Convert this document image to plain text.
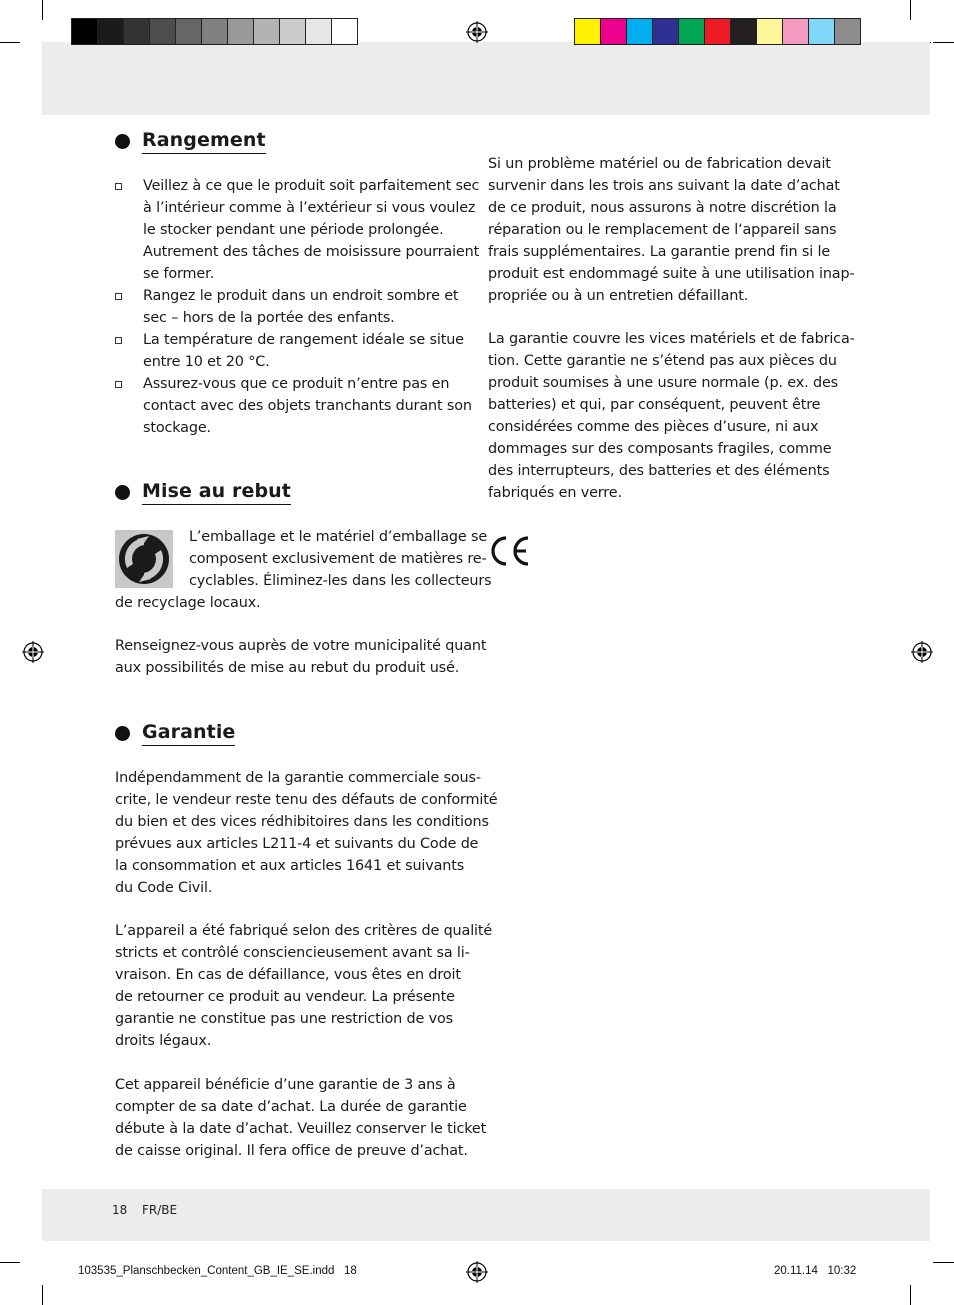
Rangement
Veillez à ce que le produit soit parfaitement sec
à l’intérieur comme à l’extérieur si vous voulez
le stocker pendant une période prolongée.
Autrement des tâches de moisissure pourraient
se former.
Rangez le produit dans un endroit sombre et
sec – hors de la portée des enfants.
La température de rangement idéale se situe
entre 10 et 20 °C.
Assurez-vous que ce produit n’entre pas en
contact avec des objets tranchants durant son
stockage.
Mise au rebut
L’emballage et le matériel d’emballage se
composent exclusivement de matières re-
cyclables. Éliminez-les dans les collecteurs
de recyclage locaux.
Renseignez-vous auprès de votre municipalité quant
aux possibilités de mise au rebut du produit usé.
Garantie
Indépendamment de la garantie commerciale sous-
crite, le vendeur reste tenu des défauts de conformité
du bien et des vices rédhibitoires dans les conditions
prévues aux articles L211-4 et suivants du Code de
la consommation et aux articles 1641 et suivants
du Code Civil.
L’appareil a été fabriqué selon des critères de qualité
stricts et contrôlé consciencieusement avant sa li-
vraison. En cas de défaillance, vous êtes en droit
de retourner ce produit au vendeur. La présente
garantie ne constitue pas une restriction de vos
droits légaux.
Cet appareil bénéficie d’une garantie de 3 ans à
compter de sa date d’achat. La durée de garantie
débute à la date d’achat. Veuillez conserver le ticket
de caisse original. Il fera office de preuve d’achat.
Si un problème matériel ou de fabrication devait
survenir dans les trois ans suivant la date d’achat
de ce produit, nous assurons à notre discrétion la
réparation ou le remplacement de l‘appareil sans
frais supplémentaires. La garantie prend fin si le
produit est endommagé suite à une utilisation inap-
propriée ou à un entretien défaillant.
La garantie couvre les vices matériels et de fabrica-
tion. Cette garantie ne s’étend pas aux pièces du
produit soumises à une usure normale (p. ex. des
batteries) et qui, par conséquent, peuvent être
considérées comme des pièces d’usure, ni aux
dommages sur des composants fragiles, comme
des interrupteurs, des batteries et des éléments
fabriqués en verre.
18 FR/BE
103535_Planschbecken_Content_GB_IE_SE.indd   18	20.11.14   10:32
